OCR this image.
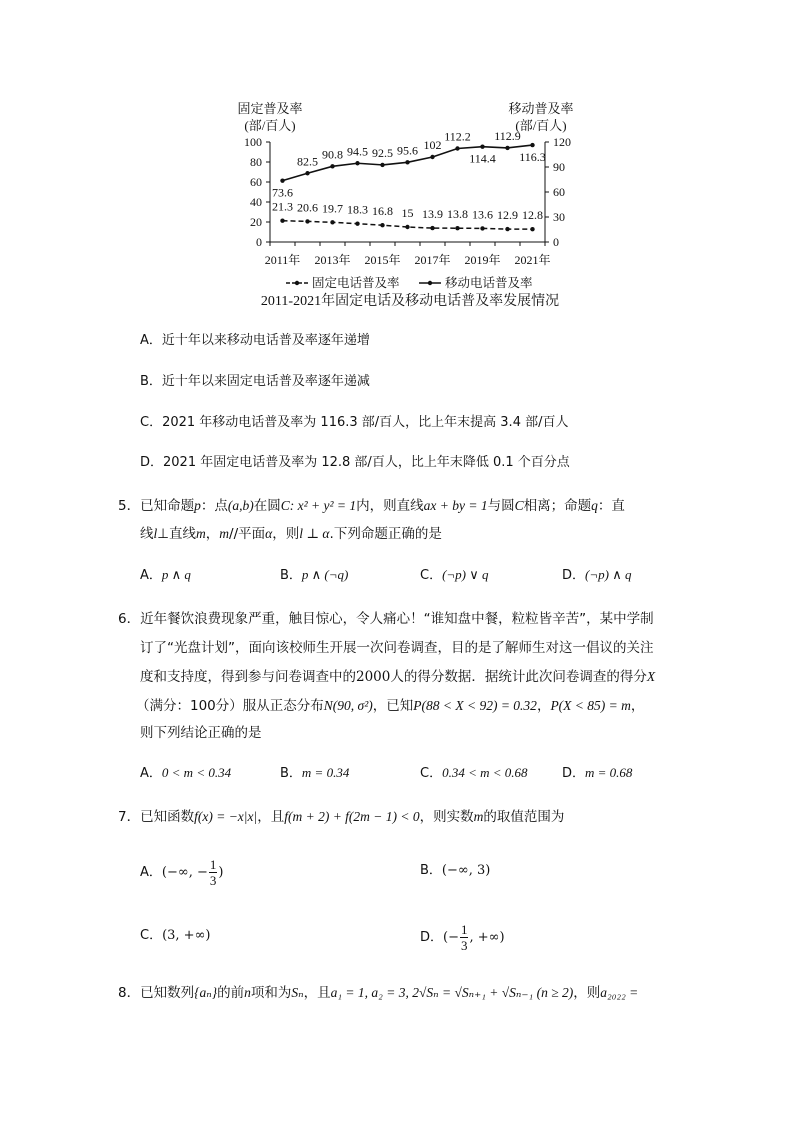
固定普及率
(部/百人)
移动普及率
(部/百人)
0
20
40
60
80
100
0
30
60
90
120
2011年 2013年 2015年 2017年 2019年 2021年
21.3 20.6 19.7 18.3 16.8 15 13.9 13.8 13.6 12.9 12.8
73.6
82.5 90.8 94.5 92.5 95.6 102
112.2
114.4
112.9
116.3
固定电话普及率	移动电话普及率
2011-2021年固定电话及移动电话普及率发展情况
A．近十年以来移动电话普及率逐年递增
B．近十年以来固定电话普及率逐年递减
C．2021 年移动电话普及率为 116.3 部/百人，比上年末提高 3.4 部/百人
D．2021 年固定电话普及率为 12.8 部/百人，比上年末降低 0.1 个百分点
5．已知命题p：点(a,b)在圆C: x² + y² = 1内，则直线ax + by = 1与圆C相离；命题q：直
线l⊥直线m，m//平面α，则l ⊥ α.下列命题正确的是
A．p ∧ q	B．p ∧ (¬q)	C．(¬p) ∨ q	D．(¬p) ∧ q
6．近年餐饮浪费现象严重，触目惊心，令人痛心！“谁知盘中餐，粒粒皆辛苦”，某中学制
订了“光盘计划”，面向该校师生开展一次问卷调查，目的是了解师生对这一倡议的关注
度和支持度，得到参与问卷调查中的2000人的得分数据．据统计此次问卷调查的得分X
（满分：100分）服从正态分布N(90, σ²)，已知P(88 < X < 92) = 0.32，P(X < 85) = m，
则下列结论正确的是
A．0 < m < 0.34	B．m = 0.34	C．0.34 < m < 0.68	D．m = 0.68
7．已知函数f(x) = −x|x|，且f(m + 2) + f(2m − 1) < 0，则实数m的取值范围为
A．(−∞, − $\frac{1}{3}$ )	B．(−∞, 3)
C．(3, +∞)	D．(− $\frac{1}{3}$ , +∞)
8．已知数列{aₙ}的前n项和为Sₙ，且a₁ = 1, a₂ = 3, 2√Sₙ = √Sₙ₊₁ + √Sₙ₋₁ (n ≥ 2)，则a₂₀₂₂ =
